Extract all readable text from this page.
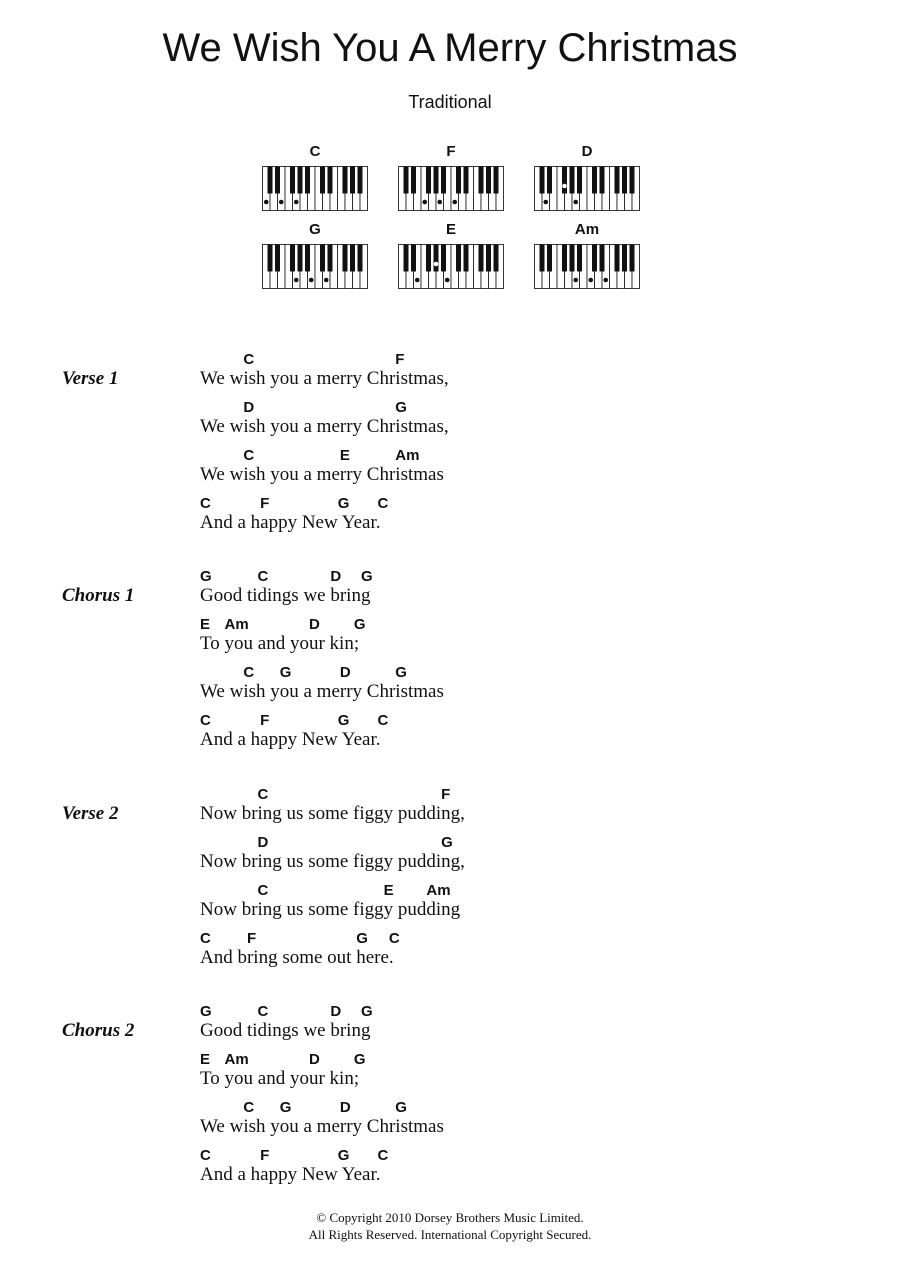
We Wish You A Merry Christmas
Traditional
C	F	D
G	E	Am
Verse 1
C	F
We wish you a merry Christmas,
D	G
We wish you a merry Christmas,
C	E	Am
We wish you a merry Christmas
C	F	G C
And a happy New Year.
Chorus 1
G	C	D G
Good tidings we bring
E Am	D G
To you and your kin;
C G	D	G
We wish you a merry Christmas
C	F	G C
And a happy New Year.
Verse 2
C	F
Now bring us some figgy pudding,
D	G
Now bring us some figgy pudding,
C	E Am
Now bring us some figgy pudding
C F	G C
And bring some out here.
Chorus 2
G	C	D G
Good tidings we bring
E Am	D G
To you and your kin;
C G	D	G
We wish you a merry Christmas
C	F	G C
And a happy New Year.
© Copyright 2010 Dorsey Brothers Music Limited.
All Rights Reserved. International Copyright Secured.
